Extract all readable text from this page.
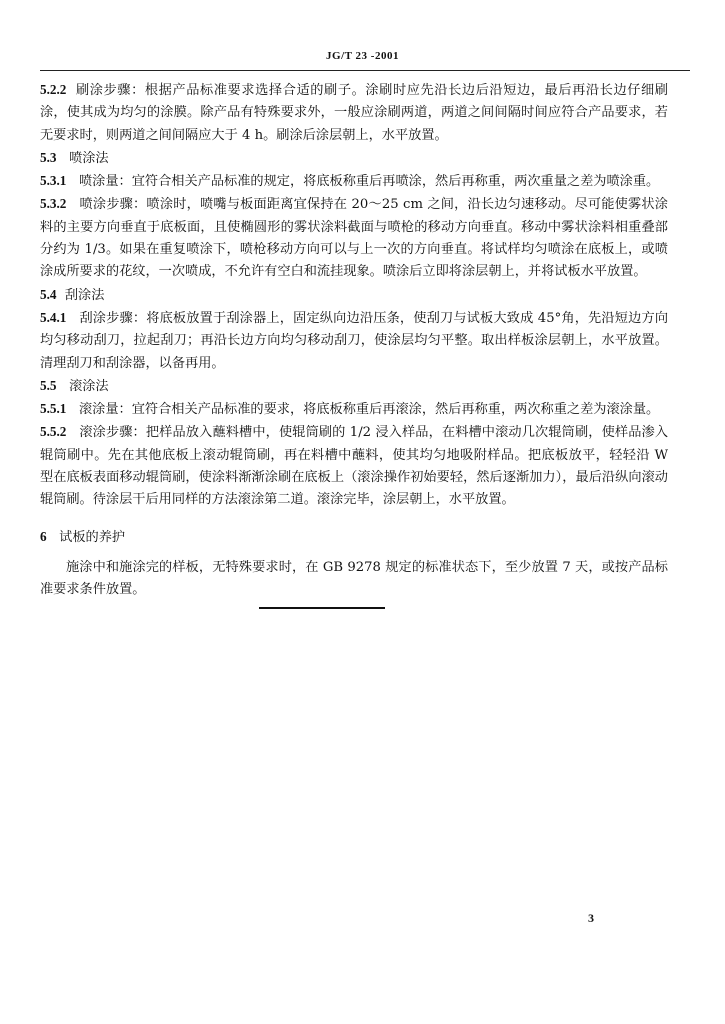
JG/T 23 -2001

5.2.2 刷涂步骤：根据产品标准要求选择合适的刷子。涂刷时应先沿长边后沿短边，最后再沿长边仔细刷涂，使其成为均匀的涂膜。除产品有特殊要求外，一般应涂刷两道，两道之间间隔时间应符合产品要求，若无要求时，则两道之间间隔应大于 4 h。刷涂后涂层朝上，水平放置。

5.3 喷涂法

5.3.1 喷涂量：宜符合相关产品标准的规定，将底板称重后再喷涂，然后再称重，两次重量之差为喷涂重。

5.3.2 喷涂步骤：喷涂时，喷嘴与板面距离宜保持在 20～25 cm 之间，沿长边匀速移动。尽可能使雾状涂料的主要方向垂直于底板面，且使椭圆形的雾状涂料截面与喷枪的移动方向垂直。移动中雾状涂料相重叠部分约为 1/3。如果在重复喷涂下，喷枪移动方向可以与上一次的方向垂直。将试样均匀喷涂在底板上，或喷涂成所要求的花纹，一次喷成，不允许有空白和流挂现象。喷涂后立即将涂层朝上，并将试板水平放置。

5.4 刮涂法

5.4.1 刮涂步骤：将底板放置于刮涂器上，固定纵向边沿压条，使刮刀与试板大致成 45°角，先沿短边方向均匀移动刮刀，拉起刮刀；再沿长边方向均匀移动刮刀，使涂层均匀平整。取出样板涂层朝上，水平放置。清理刮刀和刮涂器，以备再用。

5.5 滚涂法

5.5.1 滚涂量：宜符合相关产品标准的要求，将底板称重后再滚涂，然后再称重，两次称重之差为滚涂量。

5.5.2 滚涂步骤：把样品放入蘸料槽中，使辊筒刷的 1/2 浸入样品，在料槽中滚动几次辊筒刷，使样品渗入辊筒刷中。先在其他底板上滚动辊筒刷，再在料槽中蘸料，使其均匀地吸附样品。把底板放平，轻轻沿 W 型在底板表面移动辊筒刷，使涂料渐渐涂刷在底板上（滚涂操作初始要轻，然后逐渐加力），最后沿纵向滚动辊筒刷。待涂层干后用同样的方法滚涂第二道。滚涂完毕，涂层朝上，水平放置。

6 试板的养护

施涂中和施涂完的样板，无特殊要求时，在 GB 9278 规定的标准状态下，至少放置 7 天，或按产品标准要求条件放置。

3
